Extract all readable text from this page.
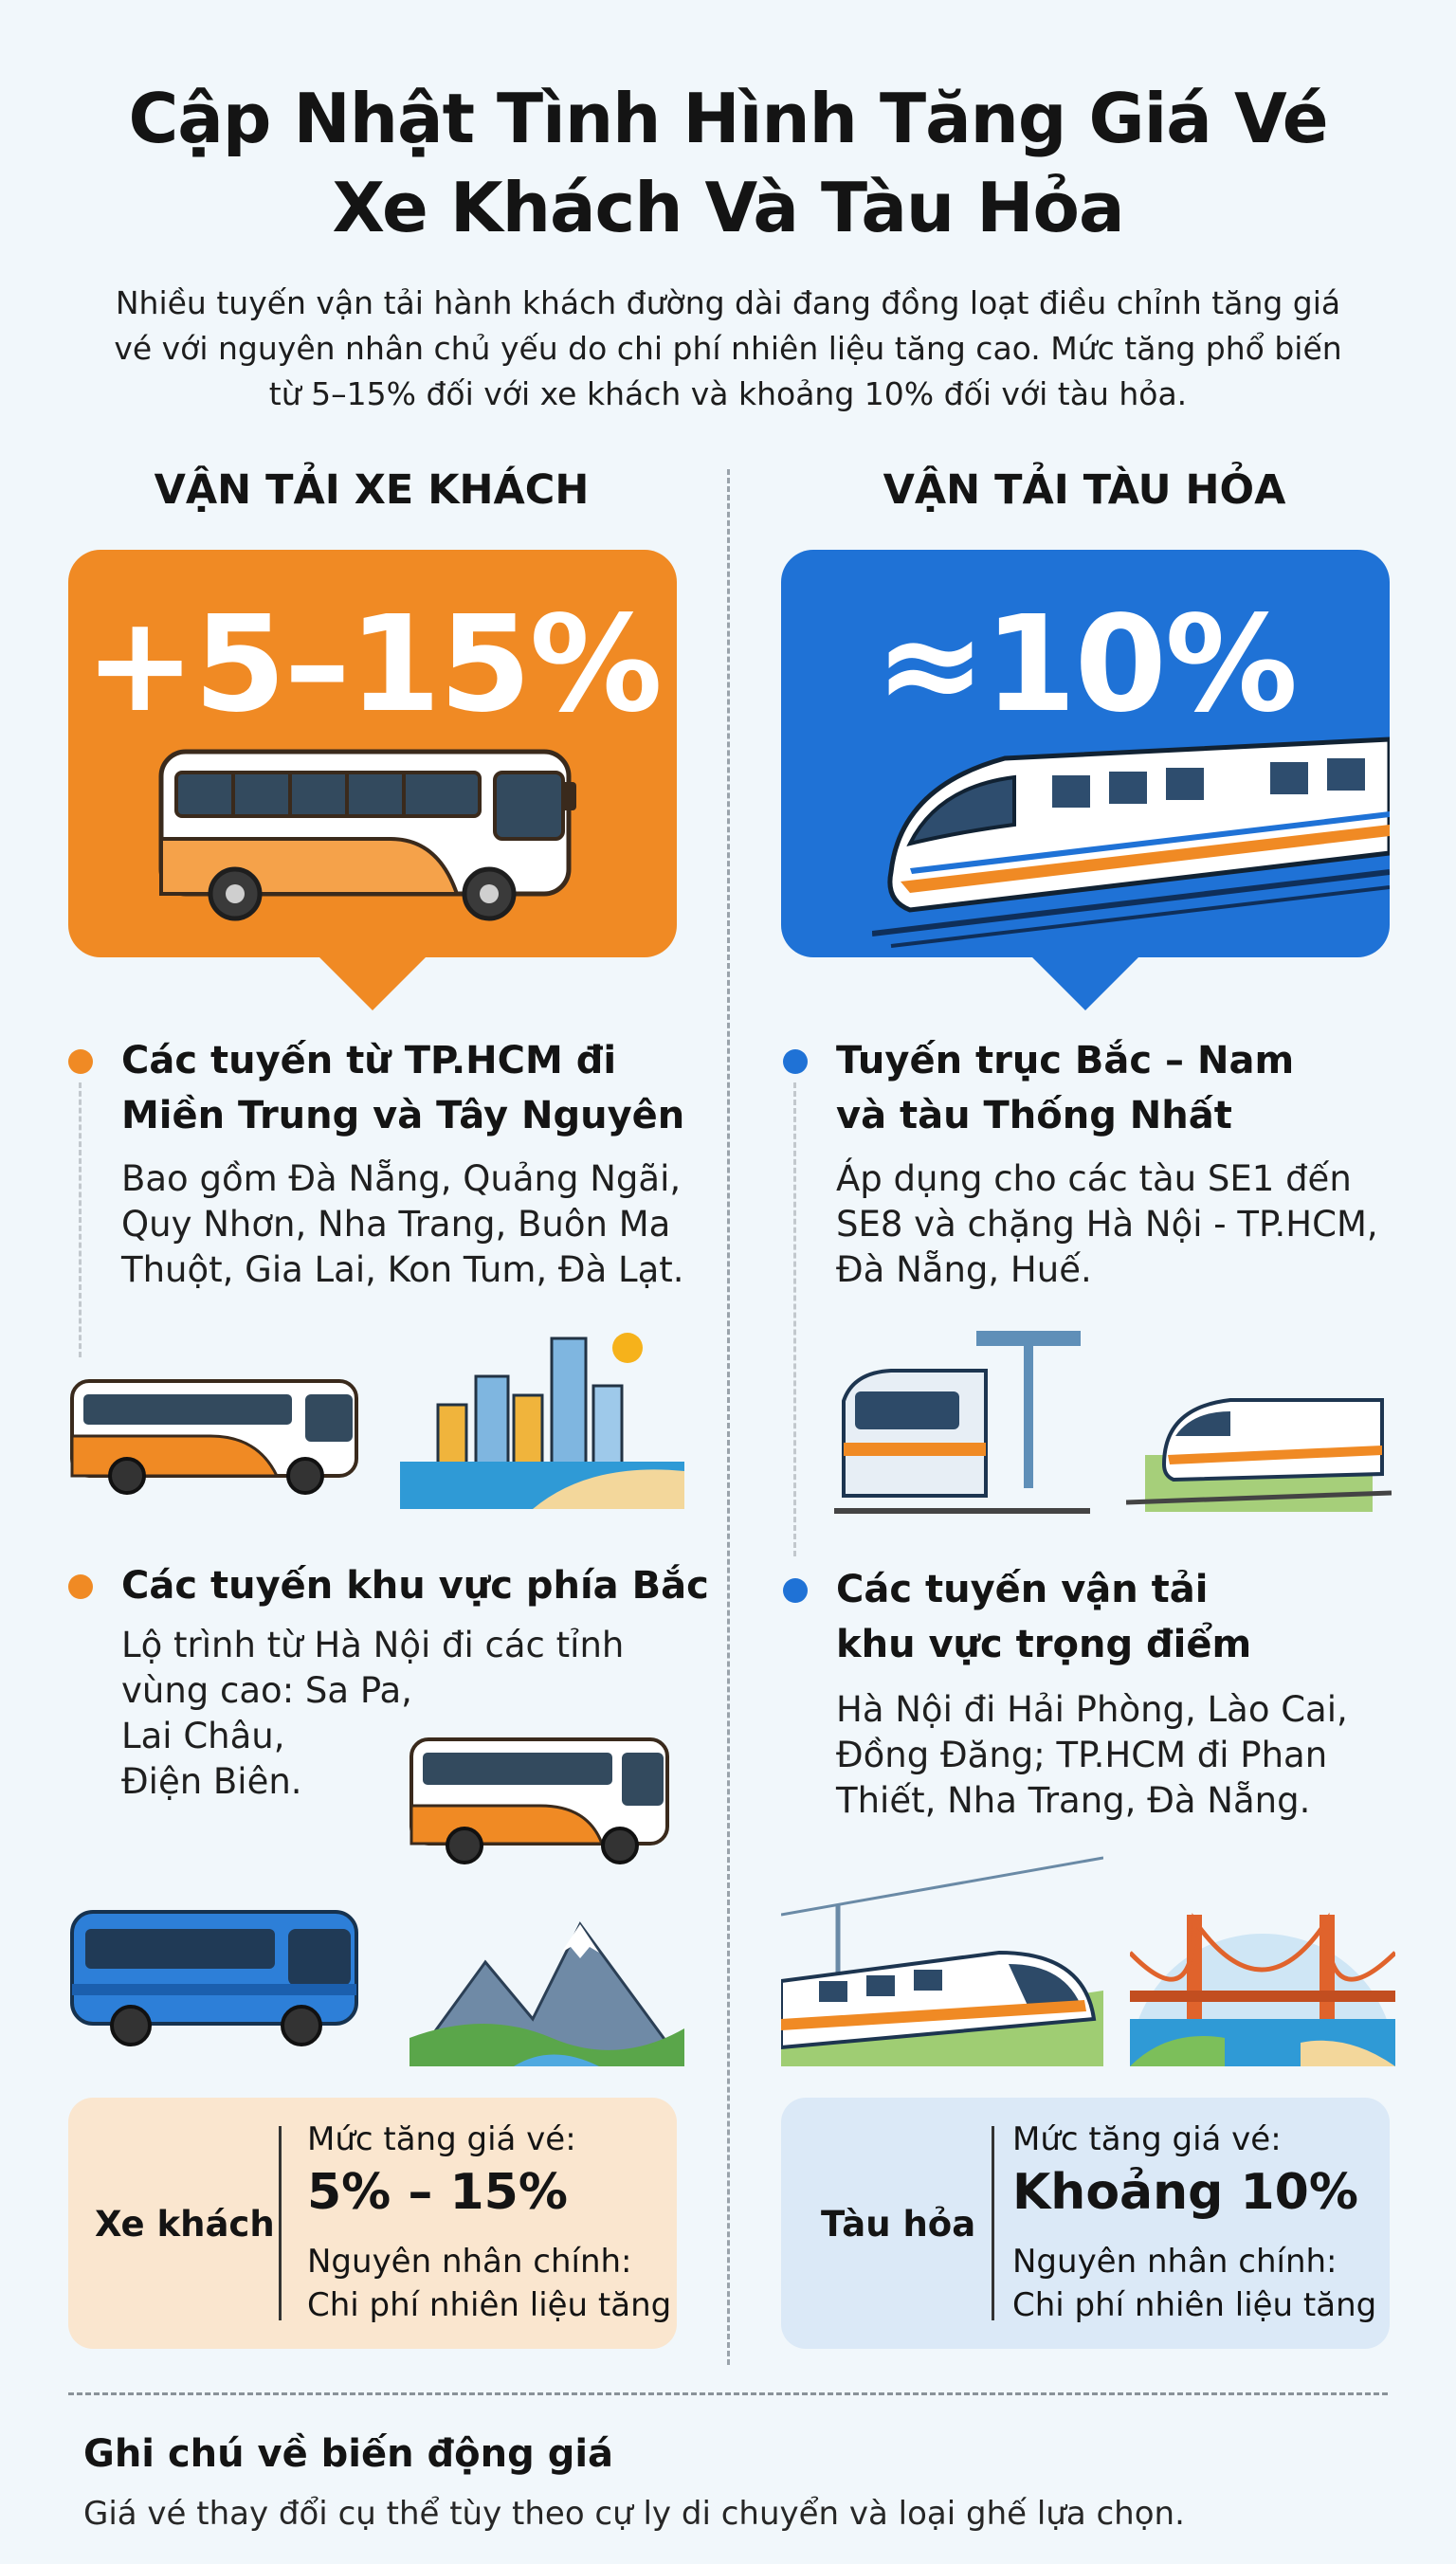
Cập Nhật Tình Hình Tăng Giá Vé
Xe Khách Và Tàu Hỏa

Nhiều tuyến vận tải hành khách đường dài đang đồng loạt điều chỉnh tăng giá
vé với nguyên nhân chủ yếu do chi phí nhiên liệu tăng cao. Mức tăng phổ biến
từ 5–15% đối với xe khách và khoảng 10% đối với tàu hỏa.

VẬN TẢI XE KHÁCH	VẬN TẢI TÀU HỎA
+5–15%	≈10%
Các tuyến từ TP.HCM đi
Miền Trung và Tây Nguyên
Bao gồm Đà Nẵng, Quảng Ngãi,
Quy Nhơn, Nha Trang, Buôn Ma
Thuột, Gia Lai, Kon Tum, Đà Lạt.
Các tuyến khu vực phía Bắc
Lộ trình từ Hà Nội đi các tỉnh
vùng cao: Sa Pa,
Lai Châu,
Điện Biên.
Tuyến trục Bắc – Nam
và tàu Thống Nhất
Áp dụng cho các tàu SE1 đến
SE8 và chặng Hà Nội - TP.HCM,
Đà Nẵng, Huế.
Các tuyến vận tải
khu vực trọng điểm
Hà Nội đi Hải Phòng, Lào Cai,
Đồng Đăng; TP.HCM đi Phan
Thiết, Nha Trang, Đà Nẵng.
Xe khách
Mức tăng giá vé:
5% – 15%
Nguyên nhân chính:
Chi phí nhiên liệu tăng
Tàu hỏa
Mức tăng giá vé:
Khoảng 10%
Nguyên nhân chính:
Chi phí nhiên liệu tăng
Ghi chú về biến động giá
Giá vé thay đổi cụ thể tùy theo cự ly di chuyển và loại ghế lựa chọn.
